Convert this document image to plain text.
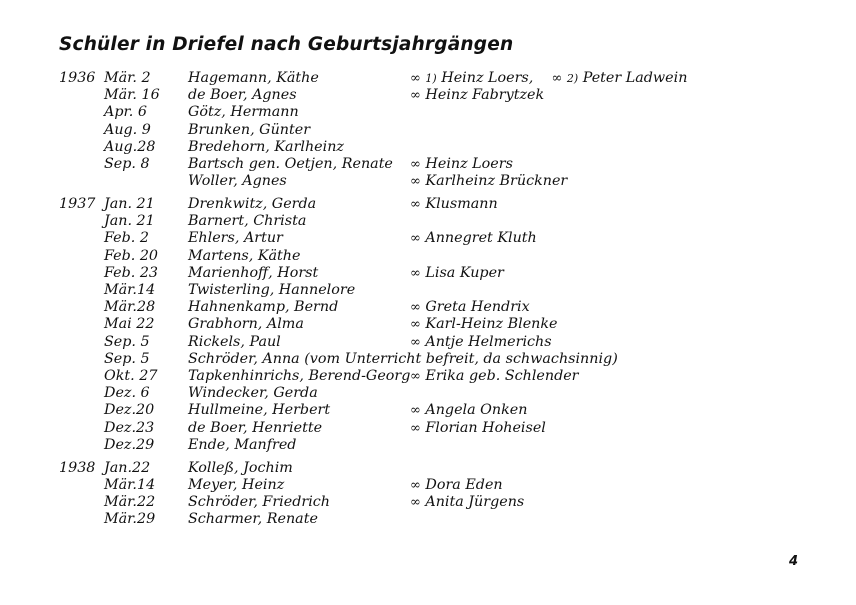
Schüler in Driefel nach Geburtsjahrgängen
1936 Mär. 2	Hagemann, Käthe	∞ 1) Heinz Loers, ∞ 2) Peter Ladwein
Mär. 16 de Boer, Agnes	∞ Heinz Fabrytzek
Apr. 6	Götz, Hermann
Aug. 9	Brunken, Günter
Aug.28 Bredehorn, Karlheinz
Sep. 8	Bartsch gen. Oetjen, Renate ∞ Heinz Loers
Woller, Agnes	∞ Karlheinz Brückner
1937 Jan. 21 Drenkwitz, Gerda	∞ Klusmann
Jan. 21 Barnert, Christa
Feb. 2	Ehlers, Artur	∞ Annegret Kluth
Feb. 20 Martens, Käthe
Feb. 23 Marienhoff, Horst	∞ Lisa Kuper
Mär.14 Twisterling, Hannelore
Mär.28 Hahnenkamp, Bernd	∞ Greta Hendrix
Mai 22 Grabhorn, Alma	∞ Karl-Heinz Blenke
Sep. 5	Rickels, Paul	∞ Antje Helmerichs
Sep. 5	Schröder, Anna (vom Unterricht befreit, da schwachsinnig)
Okt. 27 Tapkenhinrichs, Berend-Georg ∞ Erika geb. Schlender
Dez. 6	Windecker, Gerda
Dez.20 Hullmeine, Herbert	∞ Angela Onken
Dez.23 de Boer, Henriette	∞ Florian Hoheisel
Dez.29 Ende, Manfred
1938 Jan.22	Kolleß, Jochim
Mär.14 Meyer, Heinz	∞ Dora Eden
Mär.22 Schröder, Friedrich	∞ Anita Jürgens
Mär.29 Scharmer, Renate
4
